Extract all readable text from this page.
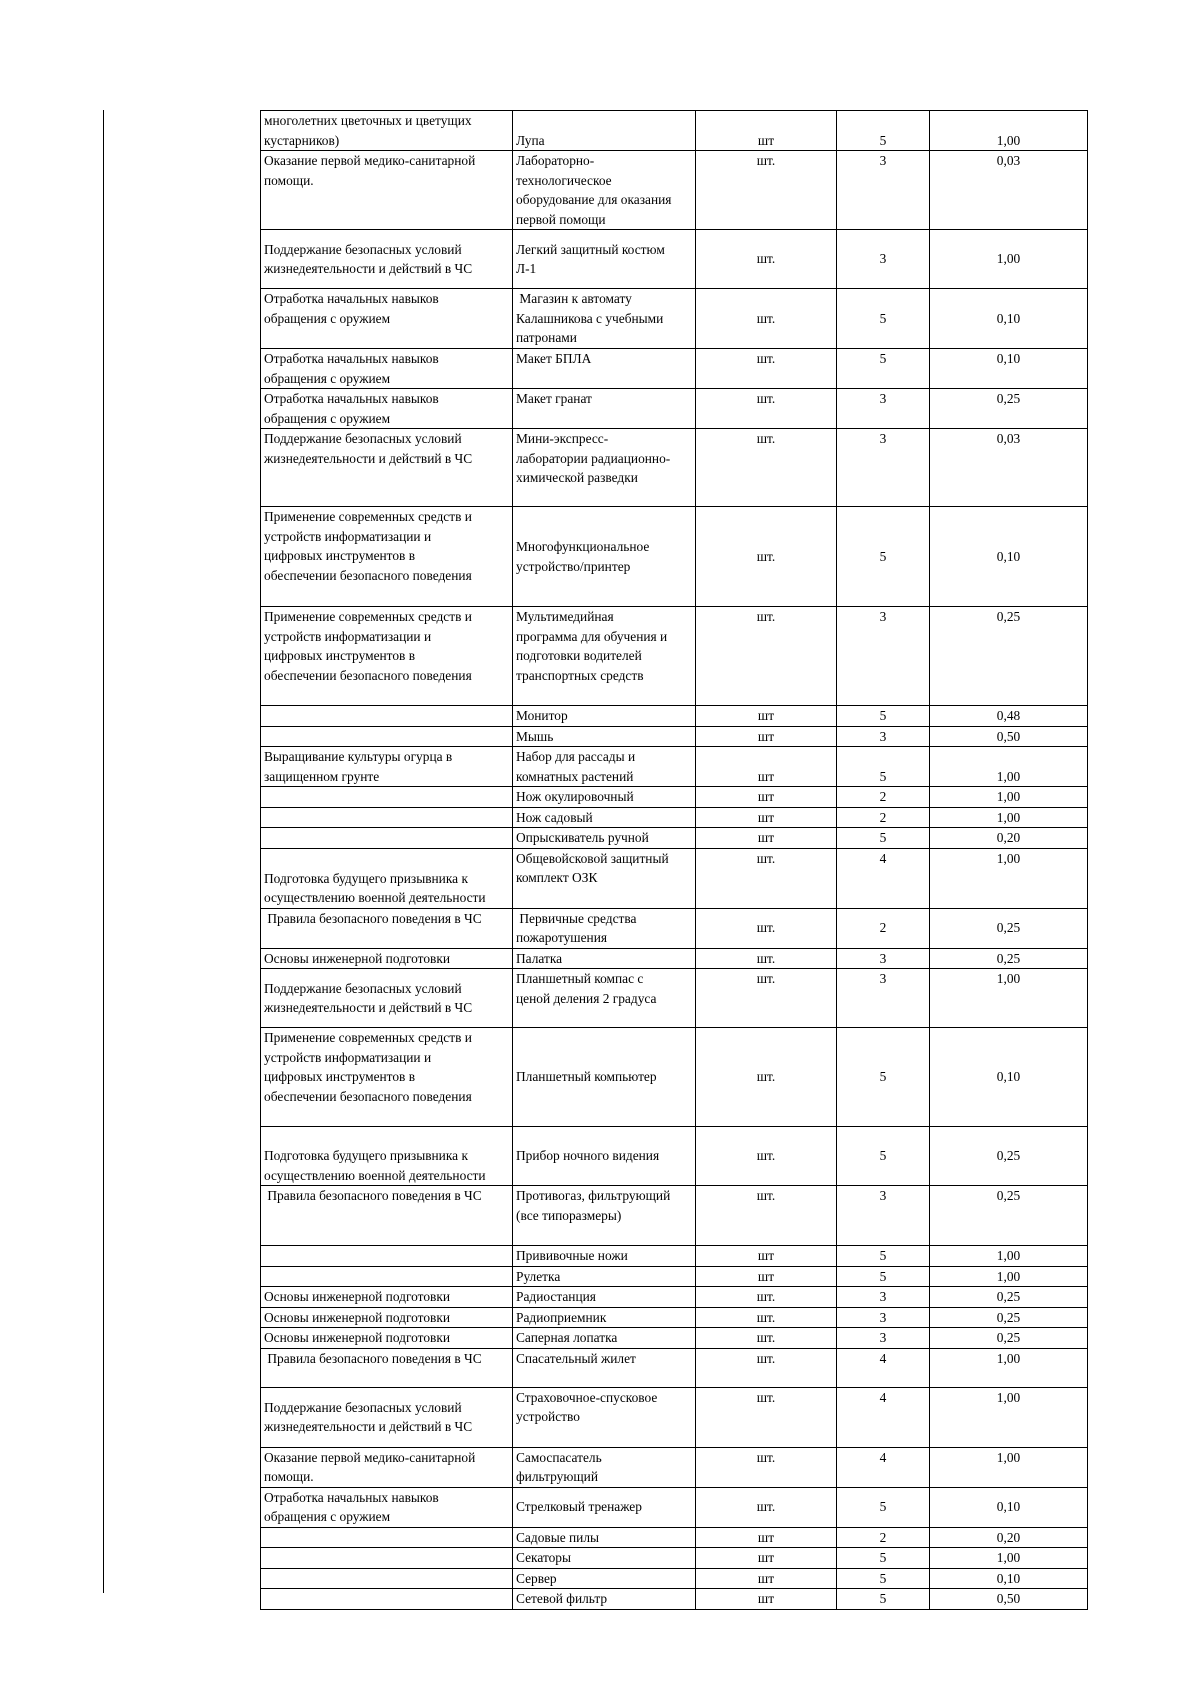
многолетних цветочных и цветущих
кустарников)	Лупа	шт	5	1,00

Оказание первой медико-санитарной
помощи.	Лабораторно-
технологическое
оборудование для оказания
первой помощи	шт.	3	0,03

Поддержание безопасных условий
жизнедеятельности и действий в ЧС	Легкий защитный костюм
Л-1	шт.	3	1,00

Отработка начальных навыков
обращения с оружием	Магазин к автомату
Калашникова с учебными
патронами	шт.	5	0,10

Отработка начальных навыков
обращения с оружием	Макет БПЛА	шт.	5	0,10

Отработка начальных навыков
обращения с оружием	Макет гранат	шт.	3	0,25

Поддержание безопасных условий
жизнедеятельности и действий в ЧС	Мини-экспресс-
лаборатории радиационно-
химической разведки	шт.	3	0,03

Применение современных средств и
устройств информатизации и
цифровых инструментов в
обеспечении безопасного поведения	Многофункциональное
устройство/принтер	шт.	5	0,10

Применение современных средств и
устройств информатизации и
цифровых инструментов в
обеспечении безопасного поведения	Мультимедийная
программа для обучения и
подготовки водителей
транспортных средств	шт.	3	0,25

	Монитор	шт	5	0,48

	Мышь	шт	3	0,50

Выращивание культуры огурца в
защищенном грунте	Набор для рассады и
комнатных растений	шт	5	1,00

	Нож окулировочный	шт	2	1,00

	Нож садовый	шт	2	1,00

	Опрыскиватель ручной	шт	5	0,20

Подготовка будущего призывника к
осуществлению военной деятельности	Общевойсковой защитный
комплект ОЗК	шт.	4	1,00

Правила безопасного поведения в ЧС	Первичные средства
пожаротушения	шт.	2	0,25

Основы инженерной подготовки	Палатка	шт.	3	0,25

Поддержание безопасных условий
жизнедеятельности и действий в ЧС	Планшетный компас с
ценой деления 2 градуса	шт.	3	1,00

Применение современных средств и
устройств информатизации и
цифровых инструментов в
обеспечении безопасного поведения	Планшетный компьютер	шт.	5	0,10

Подготовка будущего призывника к
осуществлению военной деятельности	Прибор ночного видения	шт.	5	0,25

Правила безопасного поведения в ЧС	Противогаз, фильтрующий
(все типоразмеры)	шт.	3	0,25

	Прививочные ножи	шт	5	1,00

	Рулетка	шт	5	1,00

Основы инженерной подготовки	Радиостанция	шт.	3	0,25

Основы инженерной подготовки	Радиоприемник	шт.	3	0,25

Основы инженерной подготовки	Саперная лопатка	шт.	3	0,25

Правила безопасного поведения в ЧС	Спасательный жилет	шт.	4	1,00

Поддержание безопасных условий
жизнедеятельности и действий в ЧС	Страховочное-спусковое
устройство	шт.	4	1,00

Оказание первой медико-санитарной
помощи.	Самоспасатель
фильтрующий	шт.	4	1,00

Отработка начальных навыков
обращения с оружием	Стрелковый тренажер	шт.	5	0,10

	Садовые пилы	шт	2	0,20

	Секаторы	шт	5	1,00

	Сервер	шт	5	0,10

	Сетевой фильтр	шт	5	0,50
